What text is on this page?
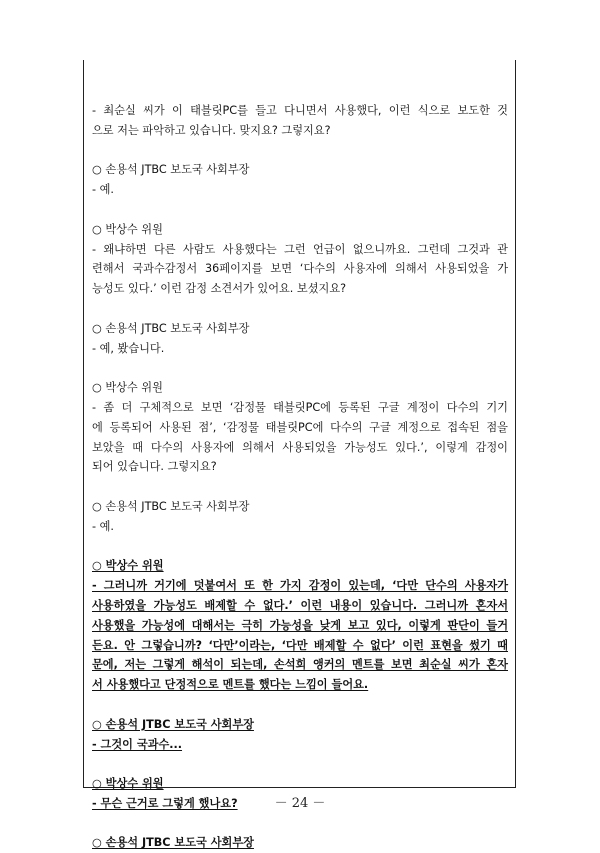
- 최순실 씨가 이 태블릿PC를 들고 다니면서 사용했다, 이런 식으로 보도한 것
으로 저는 파악하고 있습니다. 맞지요? 그렇지요?
○ 손용석 JTBC 보도국 사회부장
- 예.
○ 박상수 위원
- 왜냐하면 다른 사람도 사용했다는 그런 언급이 없으니까요. 그런데 그것과 관
련해서 국과수감정서 36페이지를 보면 ‘다수의 사용자에 의해서 사용되었을 가
능성도 있다.’ 이런 감정 소견서가 있어요. 보셨지요?
○ 손용석 JTBC 보도국 사회부장
- 예, 봤습니다.
○ 박상수 위원
- 좀 더 구체적으로 보면 ‘감정물 태블릿PC에 등록된 구글 계정이 다수의 기기
에 등록되어 사용된 점’, ‘감정물 태블릿PC에 다수의 구글 계정으로 접속된 점을
보았을 때 다수의 사용자에 의해서 사용되었을 가능성도 있다.’, 이렇게 감정이
되어 있습니다. 그렇지요?
○ 손용석 JTBC 보도국 사회부장
- 예.
○ 박상수 위원
- 그러니까 거기에 덧붙여서 또 한 가지 감정이 있는데, ‘다만 단수의 사용자가
사용하였을 가능성도 배제할 수 없다.’ 이런 내용이 있습니다. 그러니까 혼자서
사용했을 가능성에 대해서는 극히 가능성을 낮게 보고 있다, 이렇게 판단이 들거
든요. 안 그렇습니까? ‘다만’이라는, ‘다만 배제할 수 없다’ 이런 표현을 썼기 때
문에, 저는 그렇게 해석이 되는데, 손석희 앵커의 멘트를 보면 최순실 씨가 혼자
서 사용했다고 단정적으로 멘트를 했다는 느낌이 들어요.
○ 손용석 JTBC 보도국 사회부장
- 그것이 국과수...
○ 박상수 위원
- 무슨 근거로 그렇게 했나요?
○ 손용석 JTBC 보도국 사회부장
－ 24 －
